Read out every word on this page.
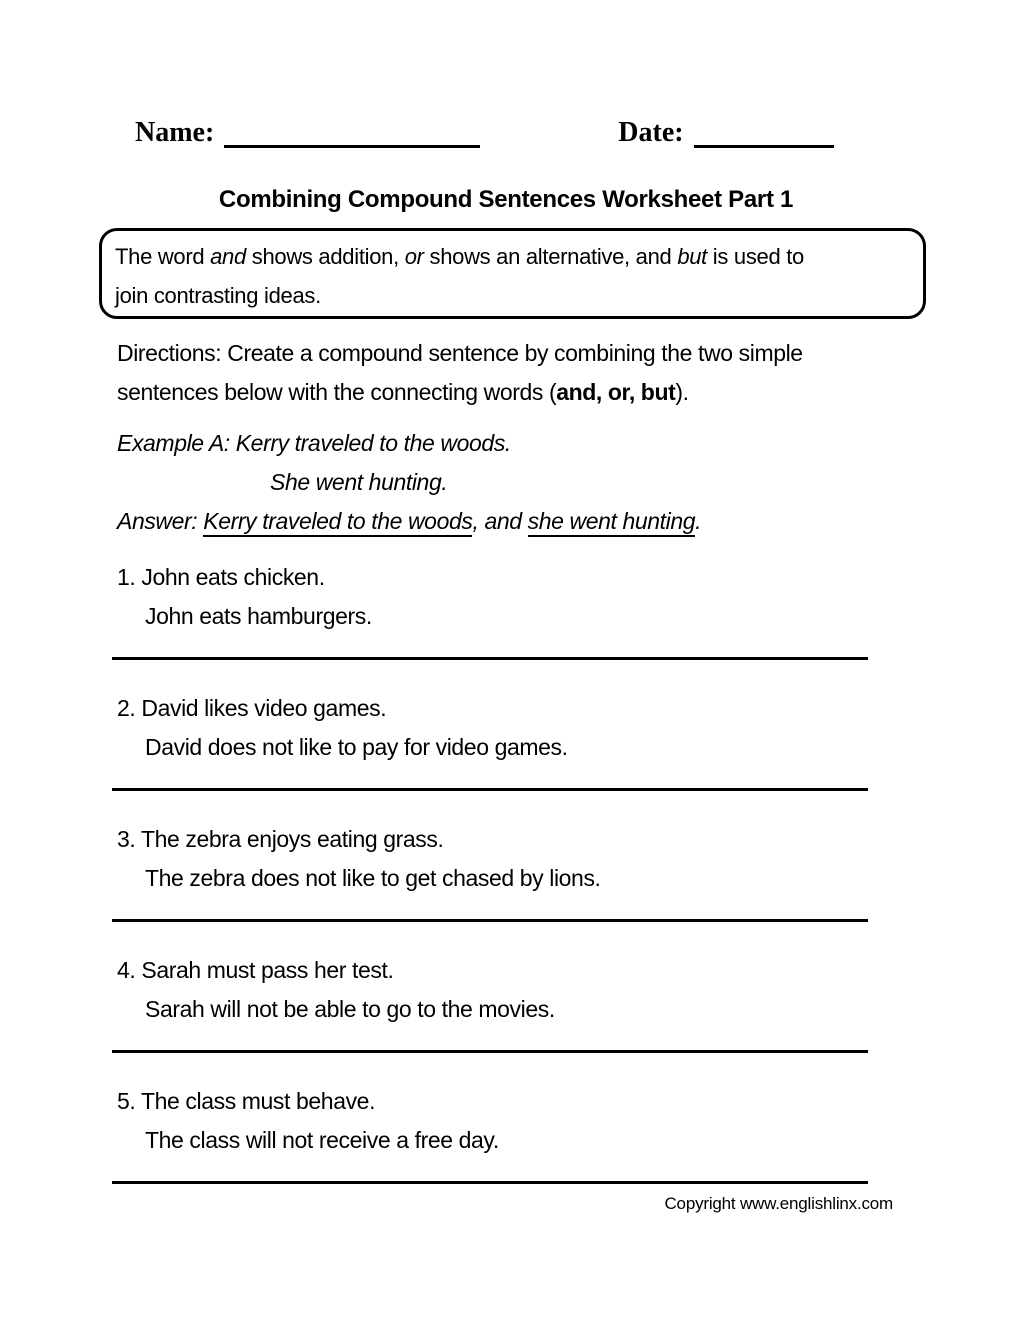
Name:	Date:
Combining Compound Sentences Worksheet Part 1
The word and shows addition, or shows an alternative, and but is used to
join contrasting ideas.
Directions: Create a compound sentence by combining the two simple
sentences below with the connecting words (and, or, but).
Example A: Kerry traveled to the woods.
She went hunting.
Answer: Kerry traveled to the woods, and she went hunting.
1. John eats chicken.
John eats hamburgers.
2. David likes video games.
David does not like to pay for video games.
3. The zebra enjoys eating grass.
The zebra does not like to get chased by lions.
4. Sarah must pass her test.
Sarah will not be able to go to the movies.
5. The class must behave.
The class will not receive a free day.
Copyright www.englishlinx.com
